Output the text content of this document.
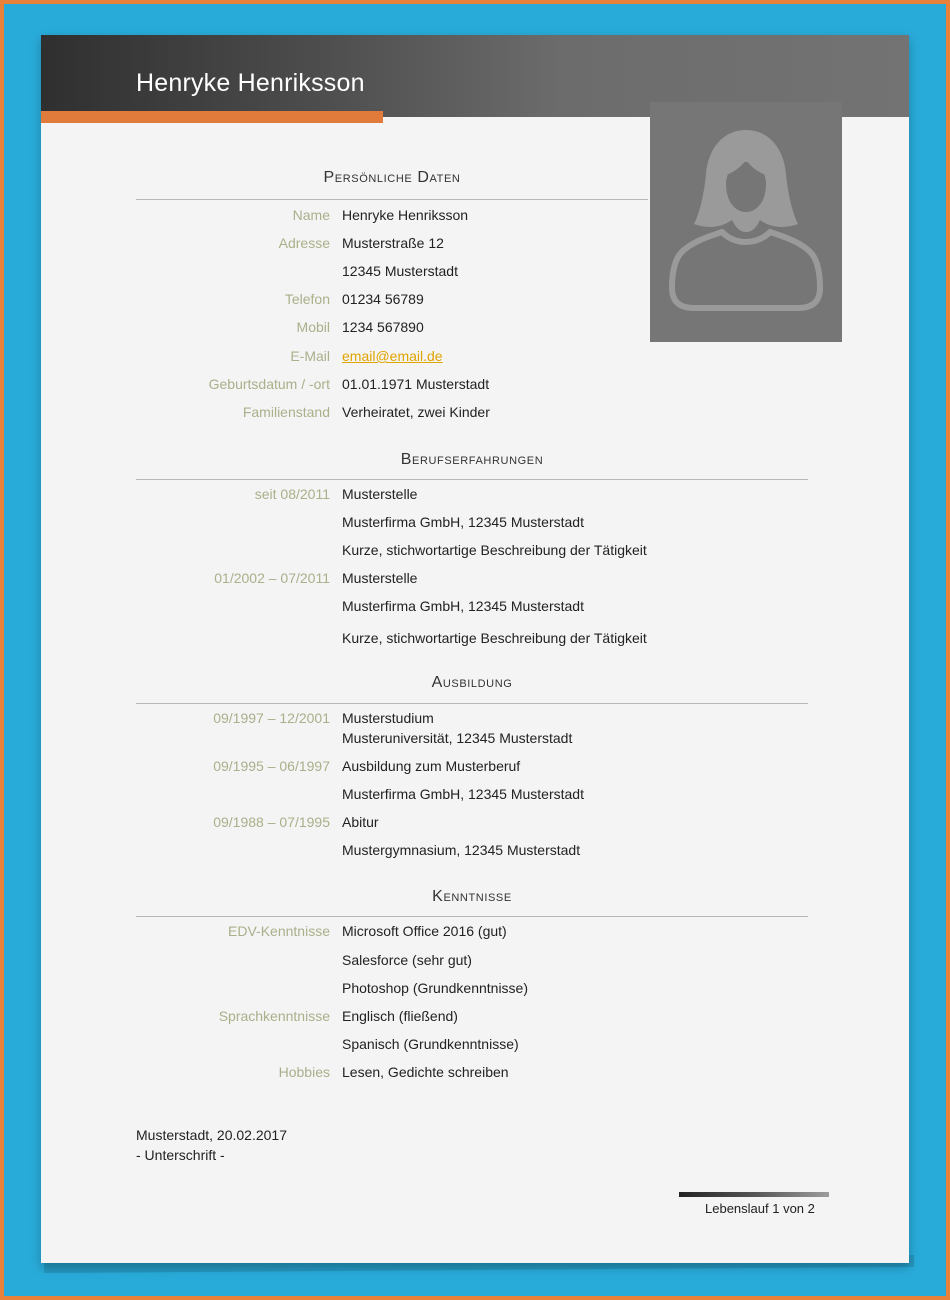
Henryke Henriksson
Persönliche Daten
Name Henryke Henriksson
Adresse Musterstraße 12
12345 Musterstadt
Telefon 01234 56789
Mobil 1234 567890
E-Mail email@email.de
Geburtsdatum / -ort 01.01.1971 Musterstadt
Familienstand Verheiratet, zwei Kinder
Berufserfahrungen
seit 08/2011 Musterstelle
Musterfirma GmbH, 12345 Musterstadt
Kurze, stichwortartige Beschreibung der Tätigkeit
01/2002 – 07/2011 Musterstelle
Musterfirma GmbH, 12345 Musterstadt
Kurze, stichwortartige Beschreibung der Tätigkeit
Ausbildung
09/1997 – 12/2001 Musterstudium
Musteruniversität, 12345 Musterstadt
09/1995 – 06/1997 Ausbildung zum Musterberuf
Musterfirma GmbH, 12345 Musterstadt
09/1988 – 07/1995 Abitur
Mustergymnasium, 12345 Musterstadt
Kenntnisse
EDV-Kenntnisse Microsoft Office 2016 (gut)
Salesforce (sehr gut)
Photoshop (Grundkenntnisse)
Sprachkenntnisse Englisch (fließend)
Spanisch (Grundkenntnisse)
Hobbies Lesen, Gedichte schreiben
Musterstadt, 20.02.2017
- Unterschrift -
Lebenslauf 1 von 2
